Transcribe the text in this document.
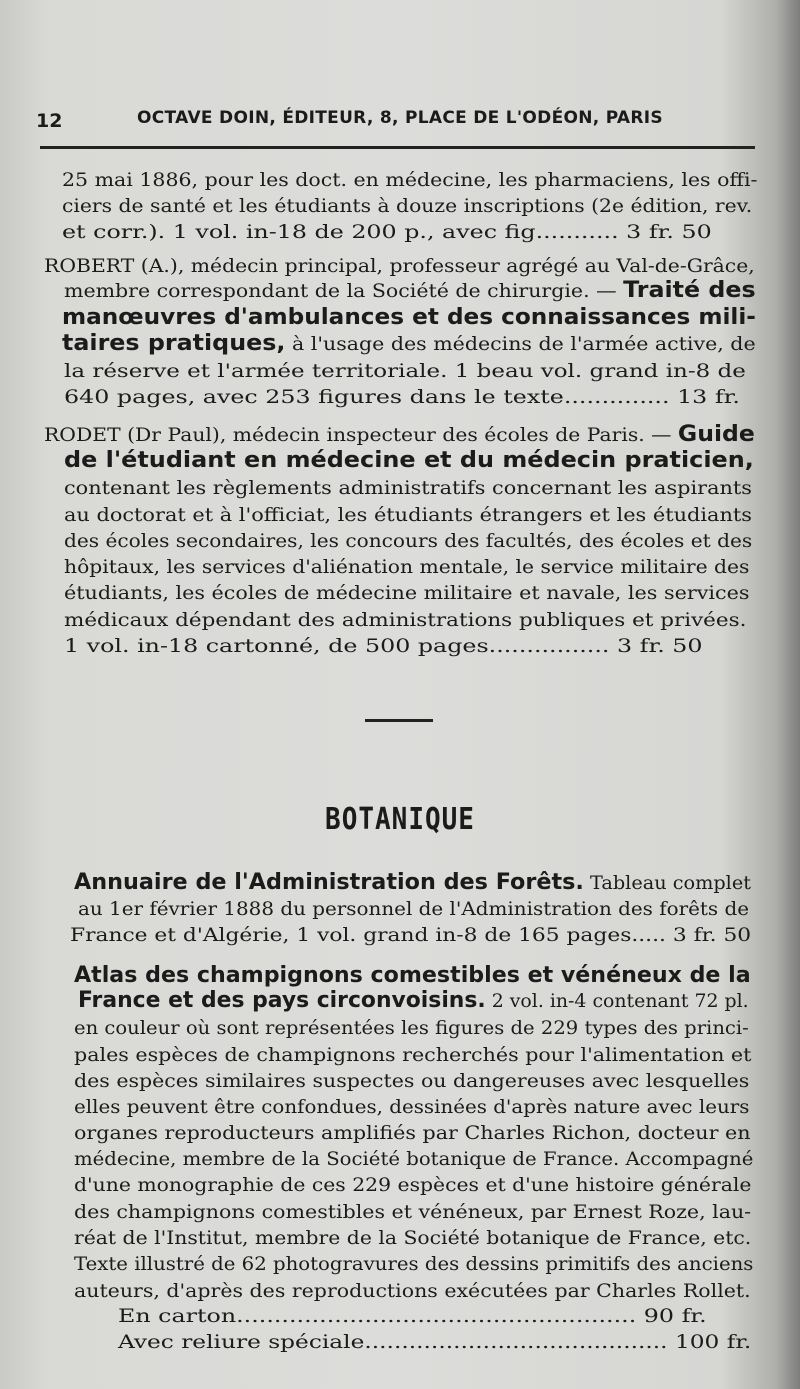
12	OCTAVE DOIN, ÉDITEUR, 8, PLACE DE L'ODÉON, PARIS
25 mai 1886, pour les doct. en médecine, les pharmaciens, les offi-
ciers de santé et les étudiants à douze inscriptions (2e édition, rev.
et corr.). 1 vol. in-18 de 200 p., avec fig........... 3 fr. 50
ROBERT (A.), médecin principal, professeur agrégé au Val-de-Grâce,
membre correspondant de la Société de chirurgie. — Traité des
manœuvres d'ambulances et des connaissances mili-
taires pratiques, à l'usage des médecins de l'armée active, de
la réserve et l'armée territoriale. 1 beau vol. grand in-8 de
640 pages, avec 253 figures dans le texte.............. 13 fr.
RODET (Dr Paul), médecin inspecteur des écoles de Paris. — Guide
de l'étudiant en médecine et du médecin praticien,
contenant les règlements administratifs concernant les aspirants
au doctorat et à l'officiat, les étudiants étrangers et les étudiants
des écoles secondaires, les concours des facultés, des écoles et des
hôpitaux, les services d'aliénation mentale, le service militaire des
étudiants, les écoles de médecine militaire et navale, les services
médicaux dépendant des administrations publiques et privées.
1 vol. in-18 cartonné, de 500 pages................ 3 fr. 50
Annuaire de l'Administration des Forêts. Tableau complet
au 1er février 1888 du personnel de l'Administration des forêts de
France et d'Algérie, 1 vol. grand in-8 de 165 pages..... 3 fr. 50
Atlas des champignons comestibles et vénéneux de la
France et des pays circonvoisins. 2 vol. in-4 contenant 72 pl.
en couleur où sont représentées les figures de 229 types des princi-
pales espèces de champignons recherchés pour l'alimentation et
des espèces similaires suspectes ou dangereuses avec lesquelles
elles peuvent être confondues, dessinées d'après nature avec leurs
organes reproducteurs amplifiés par Charles Richon, docteur en
médecine, membre de la Société botanique de France. Accompagné
d'une monographie de ces 229 espèces et d'une histoire générale
des champignons comestibles et vénéneux, par Ernest Roze, lau-
réat de l'Institut, membre de la Société botanique de France, etc.
Texte illustré de 62 photogravures des dessins primitifs des anciens
auteurs, d'après des reproductions exécutées par Charles Rollet.
En carton..................................................... 90 fr.
Avec reliure spéciale......................................... 100 fr.
BOTANIQUE
